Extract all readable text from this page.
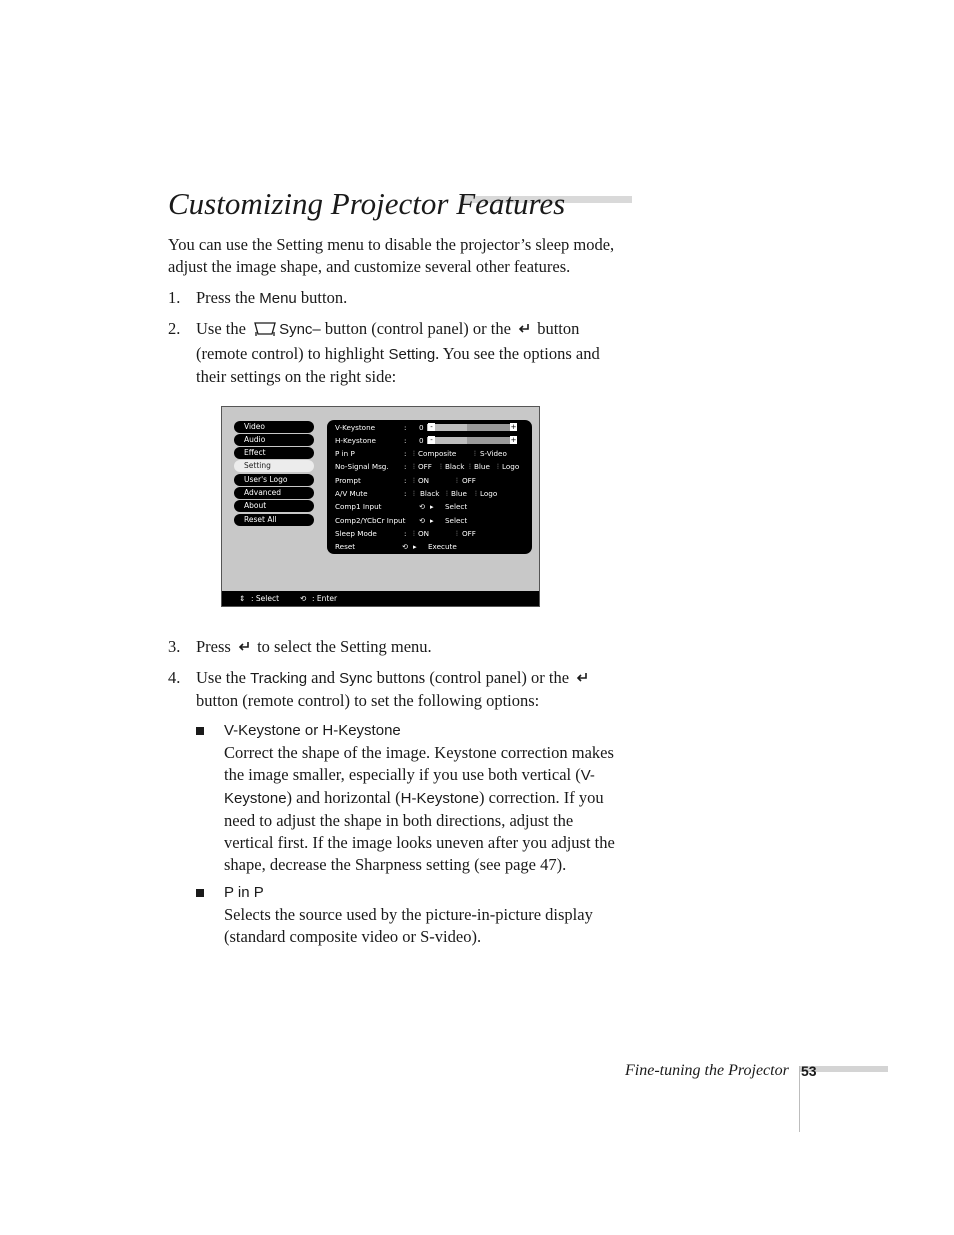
Customizing Projector Features

You can use the Setting menu to disable the projector’s sleep mode, adjust the image shape, and customize several other features.

1. Press the Menu button.
2. Use the Sync– button (control panel) or the  button (remote control) to highlight Setting. You see the options and their settings on the right side:
Video
Audio
Effect
Setting
User's Logo
Advanced
About
Reset All
V-Keystone	: 0 -	+
H-Keystone	: 0 -	+
P in P	: ⫶ Composite ⫶ S-Video
No-Signal Msg. : ⫶ OFF ⫶ Black ⫶ Blue ⫶ Logo
Prompt	: ⫶ ON	⫶ OFF
A/V Mute	: ⫶ Black ⫶ Blue ⫶ Logo
Comp1 Input	⟲ ▸ Select
Comp2/YCbCr Input ⟲ ▸ Select
Sleep Mode	: ⫶ ON	⫶ OFF
Reset	⟲ ▸ Execute
⇕ : Select	⟲ : Enter
3. Press  to select the Setting menu.
4. Use the Tracking and Sync buttons (control panel) or the  button (remote control) to set the following options:
V-Keystone or H-Keystone
Correct the shape of the image. Keystone correction makes the image smaller, especially if you use both vertical (V-Keystone) and horizontal (H-Keystone) correction. If you need to adjust the shape in both directions, adjust the vertical first. If the image looks uneven after you adjust the shape, decrease the Sharpness setting (see page 47).
P in P
Selects the source used by the picture-in-picture display (standard composite video or S-video).
Fine-tuning the Projector 53
